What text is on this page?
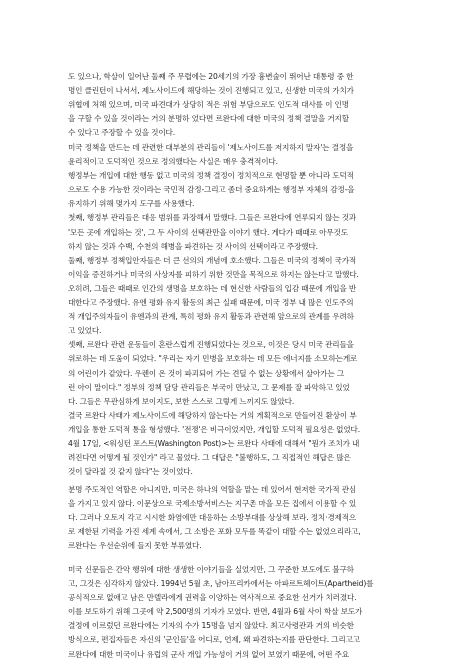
도 있으나, 학살이 일어난 둘째 주 무렵에는 20세기의 가장 흉변술이 뛰어난 대통령 중 한
명인 클린턴이 나서서, 제노사이드에 해당하는 것이 진행되고 있고, 신생한 미국의 가치가
위협에 처해 있으며, 미국 파견대가 상당히 적은 위험 부담으로도 인도적 대사를 이 인명
을 구할 수 있을 것이라는 거의 분명하 었다면 르완다에 대한 미국의 정책 결말을 거지할
수 있다고 주장할 수 있을 것이다.
미국 정책을 만드는 데 관련한 대부분의 관리들이 '제노사이드를 저지하지 말자'는 결정을
윤리적이고 도덕적인 것으로 정의했다는 사실은 매우 충격적이다.
행정부는 개입에 대한 행동 없고 미국의 정책 결정이 정치적으로 현명할 뿐 아니라 도덕적
으로도 수용 가능한 것이라는 국민적 감정-그리고 좀더 중요하게는 행정부 자체의 감정-을
유지하기 위해 몇가지 도구를 사용했다.
첫째, 행정부 관리들은 대응 범위를 과장해서 말했다. 그들은 르완다에 연루되지 않는 것과
'모든 곳에 개입하는 것', 그 두 사이의 선택관만을 이야기 했다. 게다가 때때로 아무것도
하지 않는 것과 수백, 수천의 해병을 파견하는 것 사이의 선택이라고 주장했다.
둘째, 행정부 정책입안자들은 더 큰 선의의 개념에 호소했다. 그들은 미국의 정책이 국가적
이익을 증진하거나 미국의 사상자를 피하기 위한 것만을 목적으로 하지는 않는다고 말했다.
오히려, 그들은 때때로 인간의 생명을 보호하는 데 현신한 사람들의 입감 때문에 개입을 반
대한다고 주장했다. 유엔 평화 유지 활동의 최근 실패 때문에, 미국 정부 내 많은 인도주의
적 개입주의자들이 유엔과의 관계, 특히 평화 유지 활동과 관련해 앞으로의 관계를 우려하
고 있었다.
셋째, 르완다 관련 운동들이 혼란스럽게 진행되었다는 것으로, 이것은 당시 미국 관리들을
위로하는 데 도움이 되었다. "우리는 자기 민병을 보호하는 데 모든 에너지를 소모하는게로
의 어린이가 같았다. 우렌이 온 것이 파괴되어 가는 견딜 수 없는 상황에서 살아가는 그
런 아이 말이다." 정부의 정책 담당 관리들은 부국이 만났고, 그 문제를 잘 파악하고 있었
다. 그들은 무관심하게 보이지도, 보한 스스로 그렇게 느끼지도 않았다.
결국 르완다 사태가 제노사이드에 해당하지 않는다는 거의 게획적으로 만들어진 환상이 부
개입을 통한 도덕적 통을 형성했다. '전쟁'은 비극이었지만, 개입할 도덕적 필요성은 없었다.
4월 17일, <워싱턴 포스트(Washington Post)>는 르완다 사태에 대해서 "뭔가 조치가 내
려진다면 어떻게 될 것인가" 라고 물었다. 그 대답은 "불행하도, 그 직접적인 해답은 많은
것이 달라질 것 같지 않다"는 것이었다.
분명 주도적인 역할은 아니지만, 미국은 하나의 역할을 맡는 데 있어서 현저한 국가적 관심
을 가지고 있지 않다. 이문상으로 국제소방서비스는 지구촌 마을 모든 집에서 이용할 수 있
다. 그러나 오토지 각고 시시한 화염에만 대응하는 소방부대를 상상해 보라. 정치·경제적으
로 제한된 기력을 가진 세계 속에서, 그 소방은 포화 모두를 똑같이 대할 수는 없었으리라고,
르완다는 우선순위에 들지 못한 부류였다.
미국 신문들은 간악 행위에 대한 생생한 이야기들을 실었지만, 그 꾸준한 보도에도 불구하
고, 그것은 심각하지 않았다. 1994년 5월 초, 남아프리카에서는 아파르트헤이트(Apartheid)를
공식적으로 없애고 남은 만델라에게 권력을 이양하는 역사적으로 중요한 선거가 치러졌다.
이를 보도하기 위해 그곳에 약 2,500명의 기자가 모였다. 반면, 4월과 6월 사이 학살 보도가
결정에 이르렀던 르완다에는 기자의 수가 15명을 넘지 않았다. 최고사령관과 거의 비슷한
방식으로, 편집자들은 자신의 '군인들'을 어디로, 언제, 왜 파견하는지를 판단한다. 그리고고
르완다에 대한 미국이나 유럽의 군사 개입 가능성이 거의 없어 보였기 때문에, 어떤 주요
